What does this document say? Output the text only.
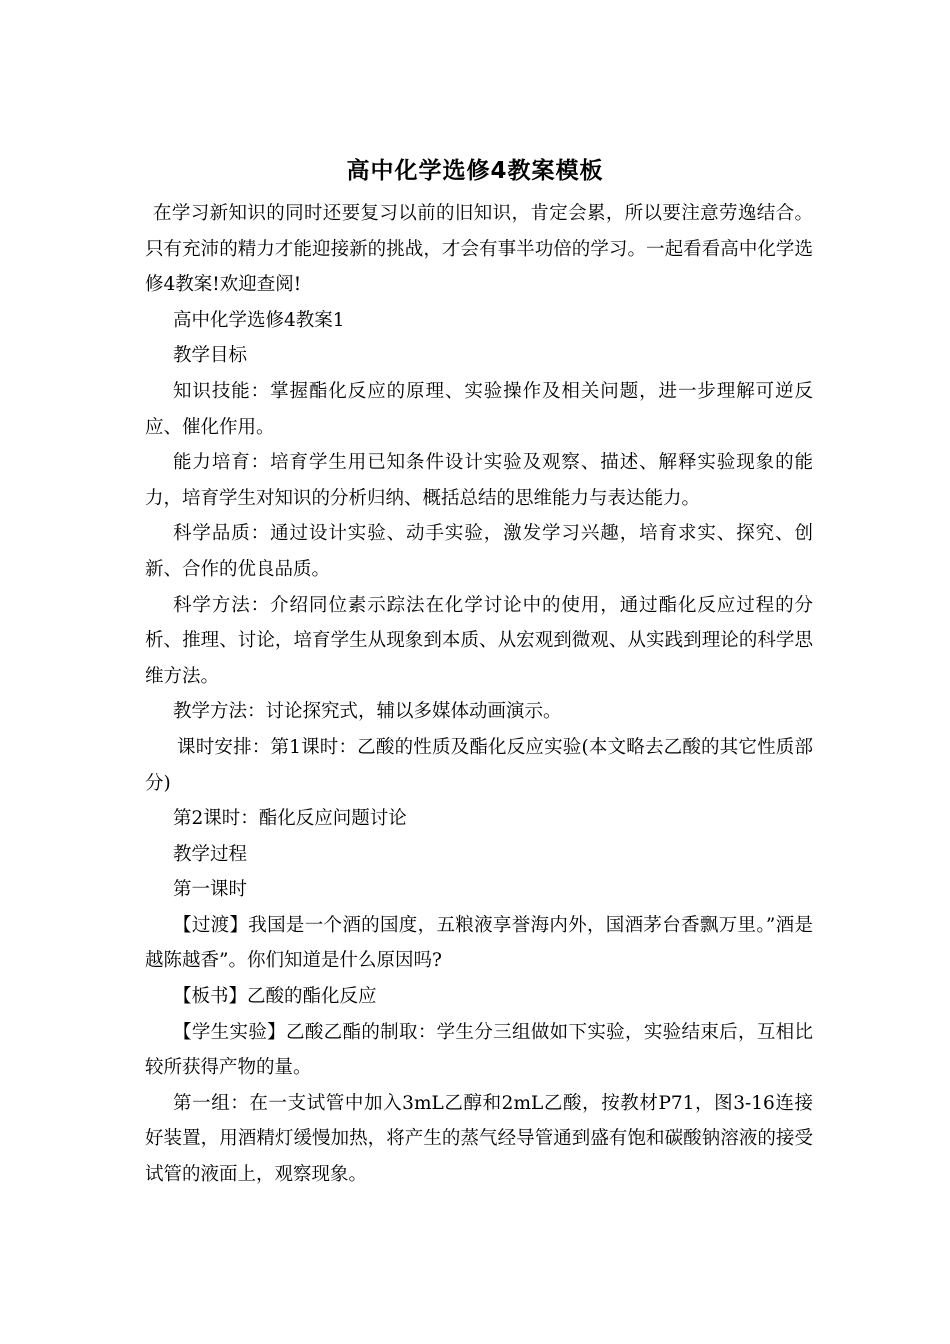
高中化学选修4教案模板

在学习新知识的同时还要复习以前的旧知识，肯定会累，所以要注意劳逸结合。只有充沛的精力才能迎接新的挑战，才会有事半功倍的学习。一起看看高中化学选修4教案!欢迎查阅!

高中化学选修4教案1

教学目标

知识技能：掌握酯化反应的原理、实验操作及相关问题，进一步理解可逆反应、催化作用。

能力培育：培育学生用已知条件设计实验及观察、描述、解释实验现象的能力，培育学生对知识的分析归纳、概括总结的思维能力与表达能力。

科学品质：通过设计实验、动手实验，激发学习兴趣，培育求实、探究、创新、合作的优良品质。

科学方法：介绍同位素示踪法在化学讨论中的使用，通过酯化反应过程的分析、推理、讨论，培育学生从现象到本质、从宏观到微观、从实践到理论的科学思维方法。

教学方法：讨论探究式，辅以多媒体动画演示。

课时安排：第1课时：乙酸的性质及酯化反应实验(本文略去乙酸的其它性质部分)

第2课时：酯化反应问题讨论

教学过程

第一课时

【过渡】我国是一个酒的国度，五粮液享誉海内外，国酒茅台香飘万里。”酒是越陈越香”。你们知道是什么原因吗?

【板书】乙酸的酯化反应

【学生实验】乙酸乙酯的制取：学生分三组做如下实验，实验结束后，互相比较所获得产物的量。

第一组：在一支试管中加入3mL乙醇和2mL乙酸，按教材P71，图3-16连接好装置，用酒精灯缓慢加热，将产生的蒸气经导管通到盛有饱和碳酸钠溶液的接受试管的液面上，观察现象。
